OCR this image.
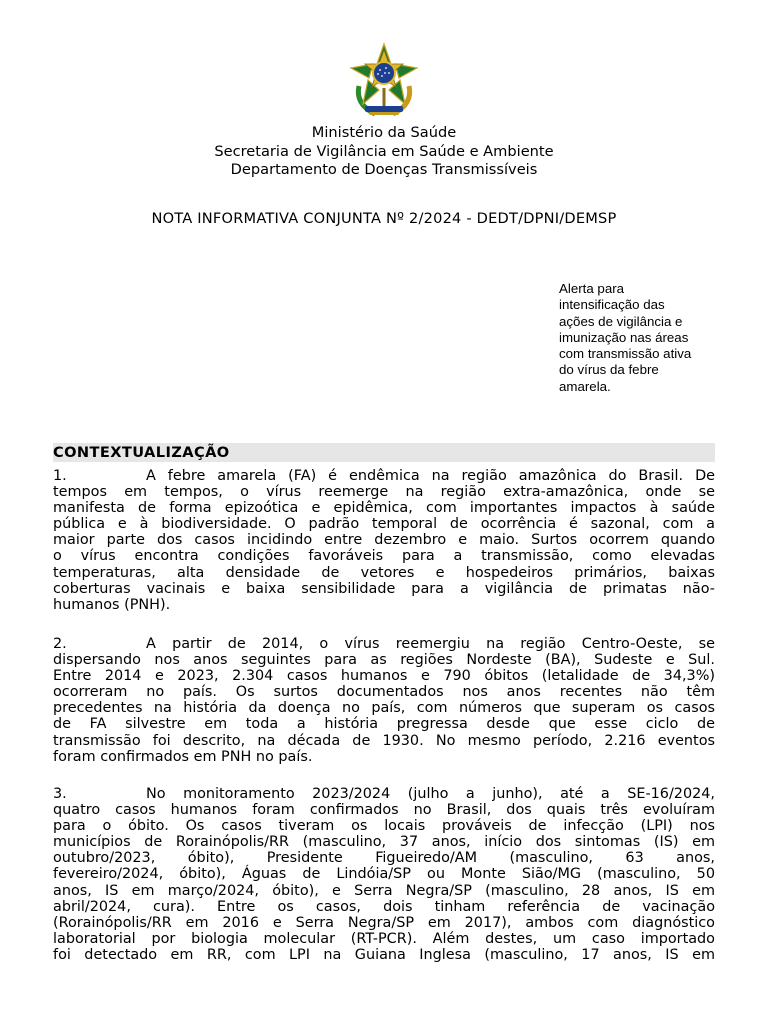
Ministério da Saúde
Secretaria de Vigilância em Saúde e Ambiente
Departamento de Doenças Transmissíveis
NOTA INFORMATIVA CONJUNTA Nº 2/2024 - DEDT/DPNI/DEMSP
Alerta para
intensificação das
ações de vigilância e
imunização nas áreas
com transmissão ativa
do vírus da febre
amarela.
CONTEXTUALIZAÇÃO
1.	A febre amarela (FA) é endêmica na região amazônica do Brasil. De
tempos em tempos, o vírus reemerge na região extra-amazônica, onde se
manifesta de forma epizoótica e epidêmica, com importantes impactos à saúde
pública e à biodiversidade. O padrão temporal de ocorrência é sazonal, com a
maior parte dos casos incidindo entre dezembro e maio. Surtos ocorrem quando
o vírus encontra condições favoráveis para a transmissão, como elevadas
temperaturas, alta densidade de vetores e hospedeiros primários, baixas
coberturas vacinais e baixa sensibilidade para a vigilância de primatas não-
humanos (PNH).
2.	A partir de 2014, o vírus reemergiu na região Centro-Oeste, se
dispersando nos anos seguintes para as regiões Nordeste (BA), Sudeste e Sul.
Entre 2014 e 2023, 2.304 casos humanos e 790 óbitos (letalidade de 34,3%)
ocorreram no país. Os surtos documentados nos anos recentes não têm
precedentes na história da doença no país, com números que superam os casos
de FA silvestre em toda a história pregressa desde que esse ciclo de
transmissão foi descrito, na década de 1930. No mesmo período, 2.216 eventos
foram confirmados em PNH no país.
3.	No monitoramento 2023/2024 (julho a junho), até a SE-16/2024,
quatro casos humanos foram confirmados no Brasil, dos quais três evoluíram
para o óbito. Os casos tiveram os locais prováveis de infecção (LPI) nos
municípios de Rorainópolis/RR (masculino, 37 anos, início dos sintomas (IS) em
outubro/2023, óbito), Presidente Figueiredo/AM (masculino, 63 anos,
fevereiro/2024, óbito), Águas de Lindóia/SP ou Monte Sião/MG (masculino, 50
anos, IS em março/2024, óbito), e Serra Negra/SP (masculino, 28 anos, IS em
abril/2024, cura). Entre os casos, dois tinham referência de vacinação
(Rorainópolis/RR em 2016 e Serra Negra/SP em 2017), ambos com diagnóstico
laboratorial por biologia molecular (RT-PCR). Além destes, um caso importado
foi detectado em RR, com LPI na Guiana Inglesa (masculino, 17 anos, IS em
